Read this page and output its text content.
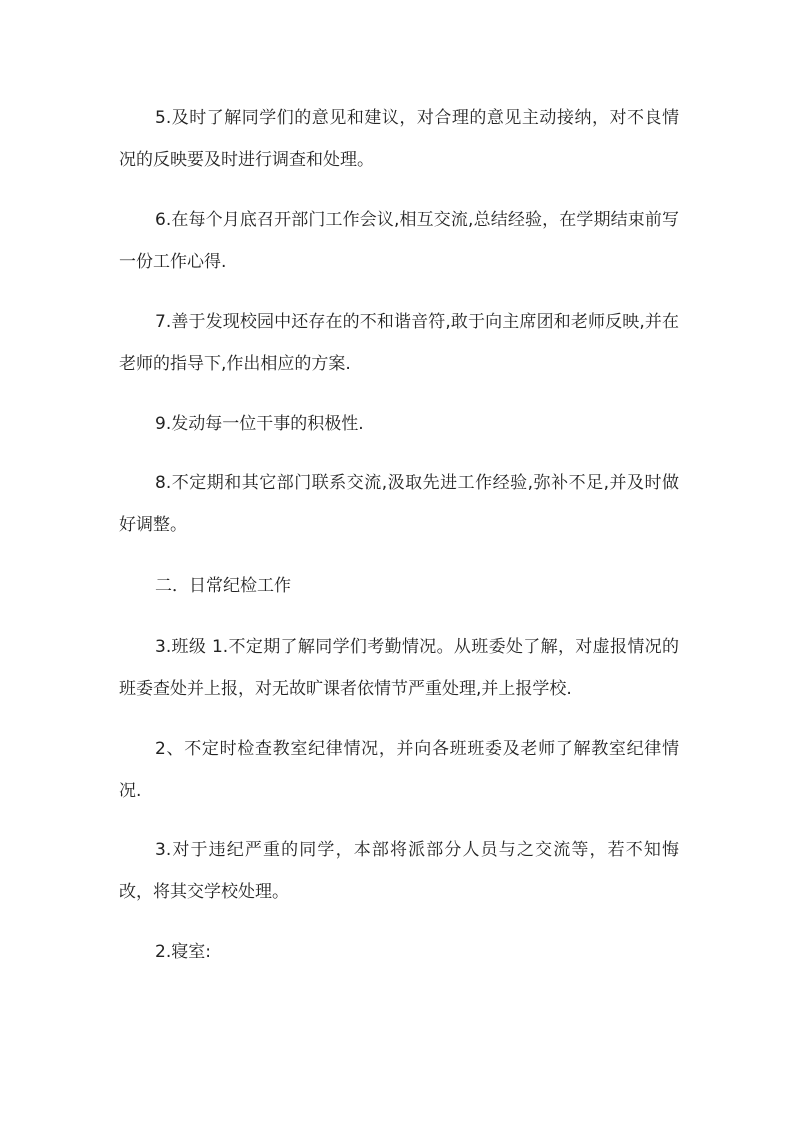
5.及时了解同学们的意见和建议，对合理的意见主动接纳，对不良情况的反映要及时进行调查和处理。

6.在每个月底召开部门工作会议,相互交流,总结经验，在学期结束前写一份工作心得.

7.善于发现校园中还存在的不和谐音符,敢于向主席团和老师反映,并在老师的指导下,作出相应的方案.

9.发动每一位干事的积极性.

8.不定期和其它部门联系交流,汲取先进工作经验,弥补不足,并及时做好调整。

二．日常纪检工作

3.班级 1.不定期了解同学们考勤情况。从班委处了解，对虚报情况的班委查处并上报，对无故旷课者依情节严重处理,并上报学校.

2、不定时检查教室纪律情况，并向各班班委及老师了解教室纪律情况.

3.对于违纪严重的同学，本部将派部分人员与之交流等，若不知悔改，将其交学校处理。

2.寝室:
